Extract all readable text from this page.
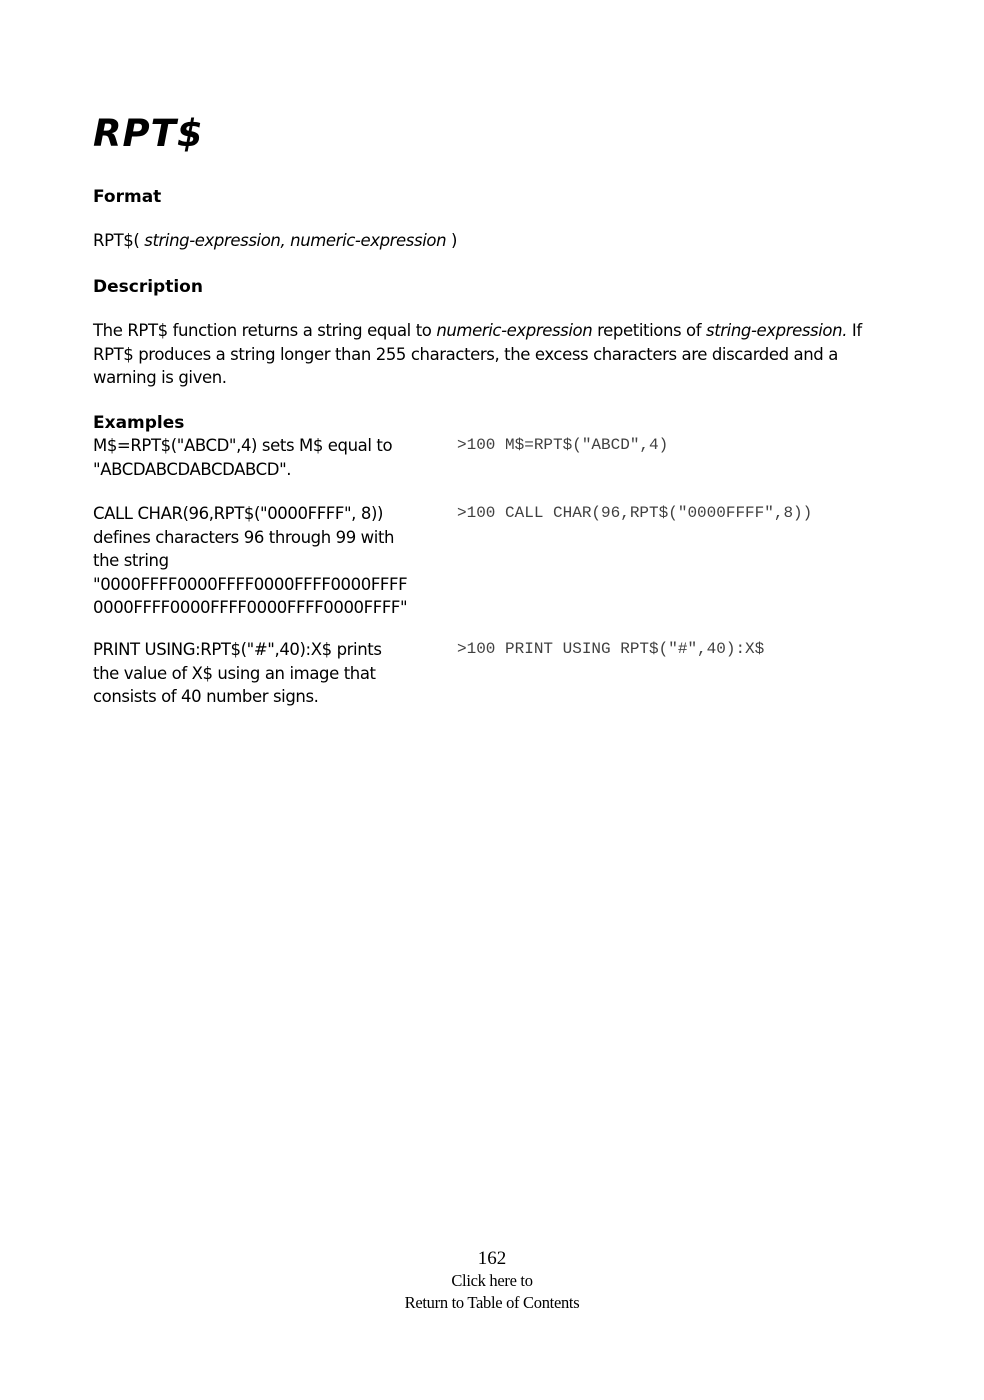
RPT$
Format

RPT$( string-expression, numeric-expression )

Description

The RPT$ function returns a string equal to numeric-expression repetitions of string-expression. If RPT$ produces a string longer than 255 characters, the excess characters are discarded and a warning is given.

Examples
M$=RPT$("ABCD",4) sets M$ equal to
"ABCDABCDABCDABCD".
>100 M$=RPT$("ABCD",4)
CALL CHAR(96,RPT$("0000FFFF", 8))
defines characters 96 through 99 with
the string
"0000FFFF0000FFFF0000FFFF0000FFFF
0000FFFF0000FFFF0000FFFF0000FFFF"
>100 CALL CHAR(96,RPT$("0000FFFF",8))
PRINT USING:RPT$("#",40):X$ prints
the value of X$ using an image that
consists of 40 number signs.
>100 PRINT USING RPT$("#",40):X$
162
Click here to
Return to Table of Contents
